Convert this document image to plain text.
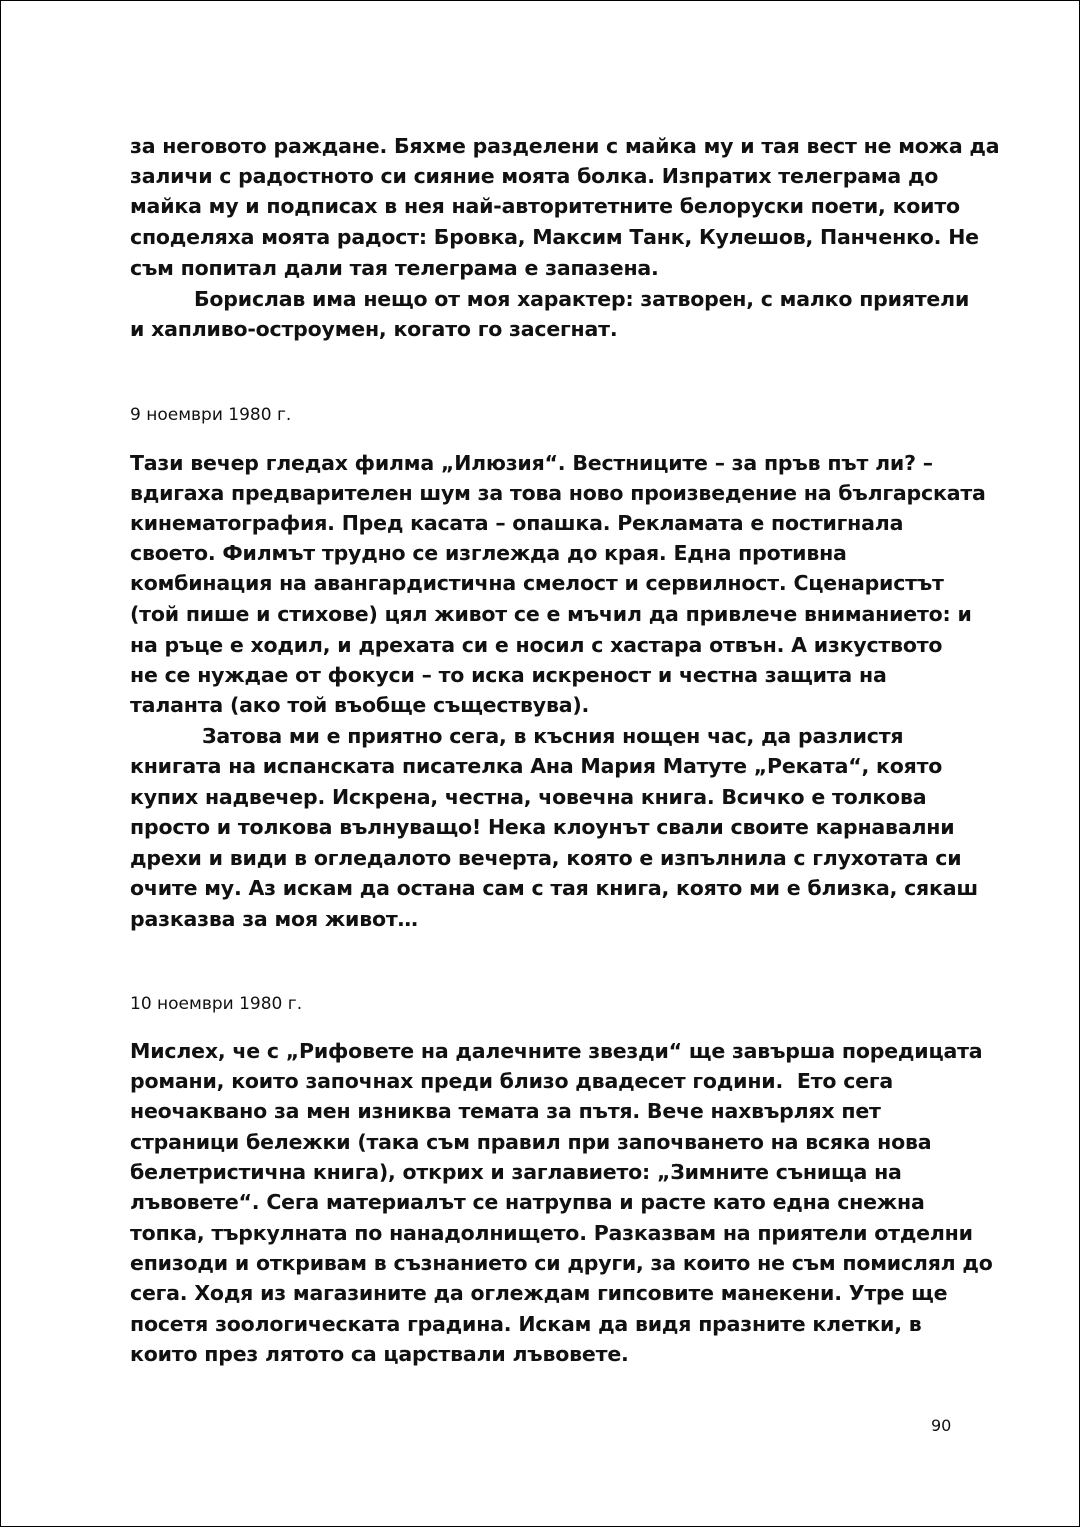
за неговото раждане. Бяхме разделени с майка му и тая вест не можа да
заличи с радостното си сияние моята болка. Изпратих телеграма до
майка му и подписах в нея най-авторитетните белоруски поети, които
споделяха моята радост: Бровка, Максим Танк, Кулешов, Панченко. Не
съм попитал дали тая телеграма е запазена.
Борислав има нещо от моя характер: затворен, с малко приятели
и хапливо-остроумен, когато го засегнат.
9 ноември 1980 г.
Тази вечер гледах филма „Илюзия“. Вестниците – за пръв път ли? –
вдигаха предварителен шум за това ново произведение на българската
кинематография. Пред касата – опашка. Рекламата е постигнала
своето. Филмът трудно се изглежда до края. Една противна
комбинация на авангардистична смелост и сервилност. Сценаристът
(той пише и стихове) цял живот се е мъчил да привлече вниманието: и
на ръце е ходил, и дрехата си е носил с хастара отвън. А изкуството
не се нуждае от фокуси – то иска искреност и честна защита на
таланта (ако той въобще съществува).
Затова ми е приятно сега, в късния нощен час, да разлистя
книгата на испанската писателка Ана Мария Матуте „Реката“, която
купих надвечер. Искрена, честна, човечна книга. Всичко е толкова
просто и толкова вълнуващо! Нека клоунът свали своите карнавални
дрехи и види в огледалото вечерта, която е изпълнила с глухотата си
очите му. Аз искам да остана сам с тая книга, която ми е близка, сякаш
разказва за моя живот…
10 ноември 1980 г.
Мислех, че с „Рифовете на далечните звезди“ ще завърша поредицата
романи, които започнах преди близо двадесет години.  Ето сега
неочаквано за мен изниква темата за пътя. Вече нахвърлях пет
страници бележки (така съм правил при започването на всяка нова
белетристична книга), открих и заглавието: „Зимните сънища на
лъвовете“. Сега материалът се натрупва и расте като една снежна
топка, търкулната по нанадолнището. Разказвам на приятели отделни
епизоди и откривам в съзнанието си други, за които не съм помислял до
сега. Ходя из магазините да оглеждам гипсовите манекени. Утре ще
посетя зоологическата градина. Искам да видя празните клетки, в
които през лятото са царствали лъвовете.
90
